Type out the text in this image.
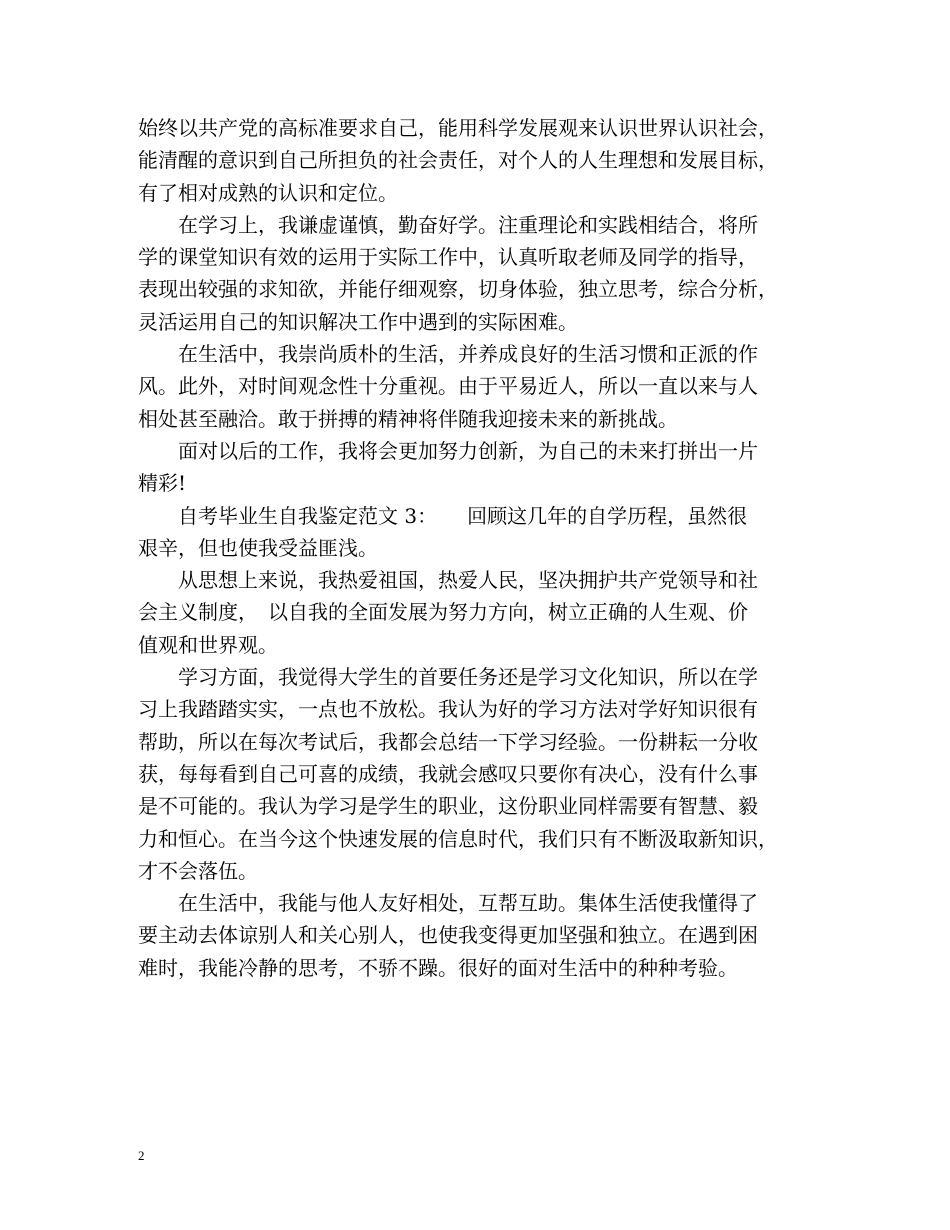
始终以共产党的高标准要求自己，能用科学发展观来认识世界认识社会，
能清醒的意识到自己所担负的社会责任，对个人的人生理想和发展目标，
有了相对成熟的认识和定位。

在学习上，我谦虚谨慎，勤奋好学。注重理论和实践相结合，将所
学的课堂知识有效的运用于实际工作中，认真听取老师及同学的指导，
表现出较强的求知欲，并能仔细观察，切身体验，独立思考，综合分析，
灵活运用自己的知识解决工作中遇到的实际困难。

在生活中，我崇尚质朴的生活，并养成良好的生活习惯和正派的作
风。此外，对时间观念性十分重视。由于平易近人，所以一直以来与人
相处甚至融洽。敢于拼搏的精神将伴随我迎接未来的新挑战。

面对以后的工作，我将会更加努力创新，为自己的未来打拼出一片
精彩!

自考毕业生自我鉴定范文 3：　　回顾这几年的自学历程，虽然很
艰辛，但也使我受益匪浅。

从思想上来说，我热爱祖国，热爱人民，坚决拥护共产党领导和社
会主义制度，　以自我的全面发展为努力方向，树立正确的人生观、价
值观和世界观。

学习方面，我觉得大学生的首要任务还是学习文化知识，所以在学
习上我踏踏实实，一点也不放松。我认为好的学习方法对学好知识很有
帮助，所以在每次考试后，我都会总结一下学习经验。一份耕耘一分收
获，每每看到自己可喜的成绩，我就会感叹只要你有决心，没有什么事
是不可能的。我认为学习是学生的职业，这份职业同样需要有智慧、毅
力和恒心。在当今这个快速发展的信息时代，我们只有不断汲取新知识，
才不会落伍。

在生活中，我能与他人友好相处，互帮互助。集体生活使我懂得了
要主动去体谅别人和关心别人，也使我变得更加坚强和独立。在遇到困
难时，我能冷静的思考，不骄不躁。很好的面对生活中的种种考验。

2
